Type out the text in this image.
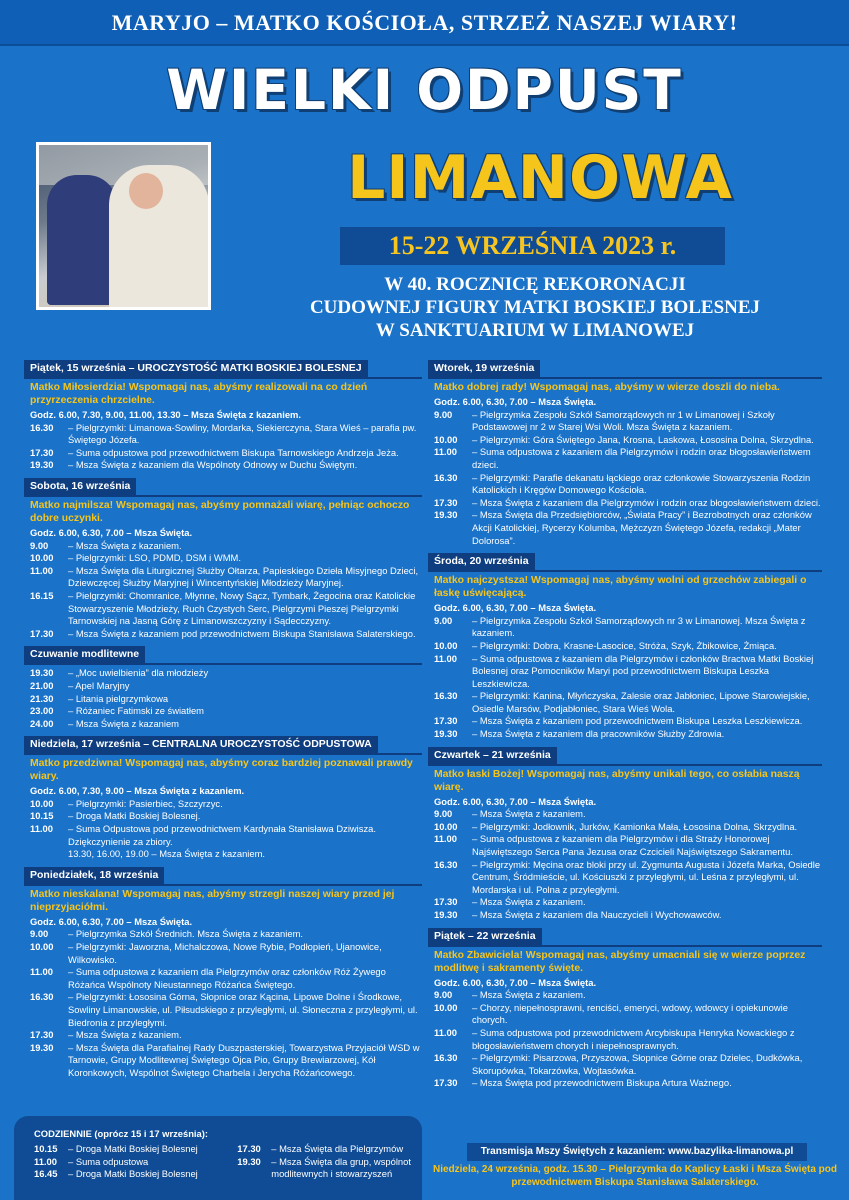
MARYJO – MATKO KOŚCIOŁA, STRZEŻ NASZEJ WIARY!
WIELKI ODPUST
LIMANOWA
15-22 WRZEŚNIA 2023 r.
W 40. ROCZNICĘ REKORONACJI
CUDOWNEJ FIGURY MATKI BOSKIEJ BOLESNEJ
W SANKTUARIUM W LIMANOWEJ
Piątek, 15 września – UROCZYSTOŚĆ MATKI BOSKIEJ BOLESNEJ
Matko Miłosierdzia! Wspomagaj nas, abyśmy realizowali na co dzień przyrzeczenia chrzcielne.
Godz. 6.00, 7.30, 9.00, 11.00, 13.30 – Msza Święta z kazaniem.
16.30	– Pielgrzymki: Limanowa-Sowliny, Mordarka, Siekierczyna, Stara Wieś – parafia pw. Świętego Józefa.
17.30	– Suma odpustowa pod przewodnictwem Biskupa Tarnowskiego Andrzeja Jeża.
19.30	– Msza Święta z kazaniem dla Wspólnoty Odnowy w Duchu Świętym.
Sobota, 16 września
Matko najmilsza! Wspomagaj nas, abyśmy pomnażali wiarę, pełniąc ochoczo dobre uczynki.
Godz. 6.00, 6.30, 7.00 – Msza Święta.
9.00	– Msza Święta z kazaniem.
10.00	– Pielgrzymki: LSO, PDMD, DSM i WMM.
11.00	– Msza Święta dla Liturgicznej Służby Ołtarza, Papieskiego Dzieła Misyjnego Dzieci, Dziewczęcej Służby Maryjnej i Wincentyńskiej Młodzieży Maryjnej.
16.15	– Pielgrzymki: Chomranice, Młynne, Nowy Sącz, Tymbark, Żegocina oraz Katolickie Stowarzyszenie Młodzieży, Ruch Czystych Serc, Pielgrzymi Pieszej Pielgrzymki Tarnowskiej na Jasną Górę z Limanowszczyzny i Sądecczyzny.
17.30	– Msza Święta z kazaniem pod przewodnictwem Biskupa Stanisława Salaterskiego.
Czuwanie modlitewne
19.30	– „Moc uwielbienia” dla młodzieży
21.00	– Apel Maryjny
21.30	– Litania pielgrzymkowa
23.00	– Różaniec Fatimski ze światłem
24.00	– Msza Święta z kazaniem
Niedziela, 17 września – CENTRALNA UROCZYSTOŚĆ ODPUSTOWA
Matko przedziwna! Wspomagaj nas, abyśmy coraz bardziej poznawali prawdy wiary.
Godz. 6.00, 7.30, 9.00 – Msza Święta z kazaniem.
10.00	– Pielgrzymki: Pasierbiec, Szczyrzyc.
10.15	– Droga Matki Boskiej Bolesnej.
11.00	– Suma Odpustowa pod przewodnictwem Kardynała Stanisława Dziwisza. Dziękczynienie za zbiory.
13.30, 16.00, 19.00 – Msza Święta z kazaniem.
Poniedziałek, 18 września
Matko nieskalana! Wspomagaj nas, abyśmy strzegli naszej wiary przed jej nieprzyjaciółmi.
Godz. 6.00, 6.30, 7.00 – Msza Święta.
9.00	– Pielgrzymka Szkół Średnich. Msza Święta z kazaniem.
10.00	– Pielgrzymki: Jaworzna, Michalczowa, Nowe Rybie, Podłopień, Ujanowice, Wilkowisko.
11.00	– Suma odpustowa z kazaniem dla Pielgrzymów oraz członków Róż Żywego Różańca Wspólnoty Nieustannego Różańca Świętego.
16.30	– Pielgrzymki: Łososina Górna, Słopnice oraz Kącina, Lipowe Dolne i Środkowe, Sowliny Limanowskie, ul. Piłsudskiego z przyległymi, ul. Słoneczna z przyległymi, ul. Biedronia z przyległymi.
17.30	– Msza Święta z kazaniem.
19.30	– Msza Święta dla Parafialnej Rady Duszpasterskiej, Towarzystwa Przyjaciół WSD w Tarnowie, Grupy Modlitewnej Świętego Ojca Pio, Grupy Brewiarzowej, Kół Koronkowych, Wspólnot Świętego Charbela i Jerycha Różańcowego.
Wtorek, 19 września
Matko dobrej rady! Wspomagaj nas, abyśmy w wierze doszli do nieba.
Godz. 6.00, 6.30, 7.00 – Msza Święta.
9.00	– Pielgrzymka Zespołu Szkół Samorządowych nr 1 w Limanowej i Szkoły Podstawowej nr 2 w Starej Wsi Woli. Msza Święta z kazaniem.
10.00	– Pielgrzymki: Góra Świętego Jana, Krosna, Laskowa, Łososina Dolna, Skrzydlna.
11.00	– Suma odpustowa z kazaniem dla Pielgrzymów i rodzin oraz błogosławieństwem dzieci.
16.30	– Pielgrzymki: Parafie dekanatu łąckiego oraz członkowie Stowarzyszenia Rodzin Katolickich i Kręgów Domowego Kościoła.
17.30	– Msza Święta z kazaniem dla Pielgrzymów i rodzin oraz błogosławieństwem dzieci.
19.30	– Msza Święta dla Przedsiębiorców, „Świata Pracy” i Bezrobotnych oraz członków Akcji Katolickiej, Rycerzy Kolumba, Mężczyzn Świętego Józefa, redakcji „Mater Dolorosa”.
Środa, 20 września
Matko najczystsza! Wspomagaj nas, abyśmy wolni od grzechów zabiegali o łaskę uświęcającą.
Godz. 6.00, 6.30, 7.00 – Msza Święta.
9.00	– Pielgrzymka Zespołu Szkół Samorządowych nr 3 w Limanowej. Msza Święta z kazaniem.
10.00	– Pielgrzymki: Dobra, Krasne-Lasocice, Stróża, Szyk, Żbikowice, Żmiąca.
11.00	– Suma odpustowa z kazaniem dla Pielgrzymów i członków Bractwa Matki Boskiej Bolesnej oraz Pomocników Maryi pod przewodnictwem Biskupa Leszka Leszkiewicza.
16.30	– Pielgrzymki: Kanina, Młyńczyska, Zalesie oraz Jabłoniec, Lipowe Starowiejskie, Osiedle Marsów, Podjabłoniec, Stara Wieś Wola.
17.30	– Msza Święta z kazaniem pod przewodnictwem Biskupa Leszka Leszkiewicza.
19.30	– Msza Święta z kazaniem dla pracowników Służby Zdrowia.
Czwartek – 21 września
Matko łaski Bożej! Wspomagaj nas, abyśmy unikali tego, co osłabia naszą wiarę.
Godz. 6.00, 6.30, 7.00 – Msza Święta.
9.00	– Msza Święta z kazaniem.
10.00	– Pielgrzymki: Jodłownik, Jurków, Kamionka Mała, Łososina Dolna, Skrzydlna.
11.00	– Suma odpustowa z kazaniem dla Pielgrzymów i dla Straży Honorowej Najświętszego Serca Pana Jezusa oraz Czcicieli Najświętszego Sakramentu.
16.30	– Pielgrzymki: Męcina oraz bloki przy ul. Zygmunta Augusta i Józefa Marka, Osiedle Centrum, Śródmieście, ul. Kościuszki z przyległymi, ul. Leśna z przyległymi, ul. Mordarska i ul. Polna z przyległymi.
17.30	– Msza Święta z kazaniem.
19.30	– Msza Święta z kazaniem dla Nauczycieli i Wychowawców.
Piątek – 22 września
Matko Zbawiciela! Wspomagaj nas, abyśmy umacniali się w wierze poprzez modlitwę i sakramenty święte.
Godz. 6.00, 6.30, 7.00 – Msza Święta.
9.00	– Msza Święta z kazaniem.
10.00	– Chorzy, niepełnosprawni, renciści, emeryci, wdowy, wdowcy i opiekunowie chorych.
11.00	– Suma odpustowa pod przewodnictwem Arcybiskupa Henryka Nowackiego z błogosławieństwem chorych i niepełnosprawnych.
16.30	– Pielgrzymki: Pisarzowa, Przyszowa, Słopnice Górne oraz Dzielec, Dudkówka, Skorupówka, Tokarzówka, Wojtasówka.
17.30	– Msza Święta pod przewodnictwem Biskupa Artura Ważnego.
CODZIENNIE (oprócz 15 i 17 września):
10.15	– Droga Matki Boskiej Bolesnej
11.00	– Suma odpustowa
16.45	– Droga Matki Boskiej Bolesnej
17.30	– Msza Święta dla Pielgrzymów
19.30	– Msza Święta dla grup, wspólnot modlitewnych i stowarzyszeń
Transmisja Mszy Świętych z kazaniem: www.bazylika-limanowa.pl
Niedziela, 24 września, godz. 15.30 – Pielgrzymka do Kaplicy Łaski i Msza Święta pod przewodnictwem Biskupa Stanisława Salaterskiego.
